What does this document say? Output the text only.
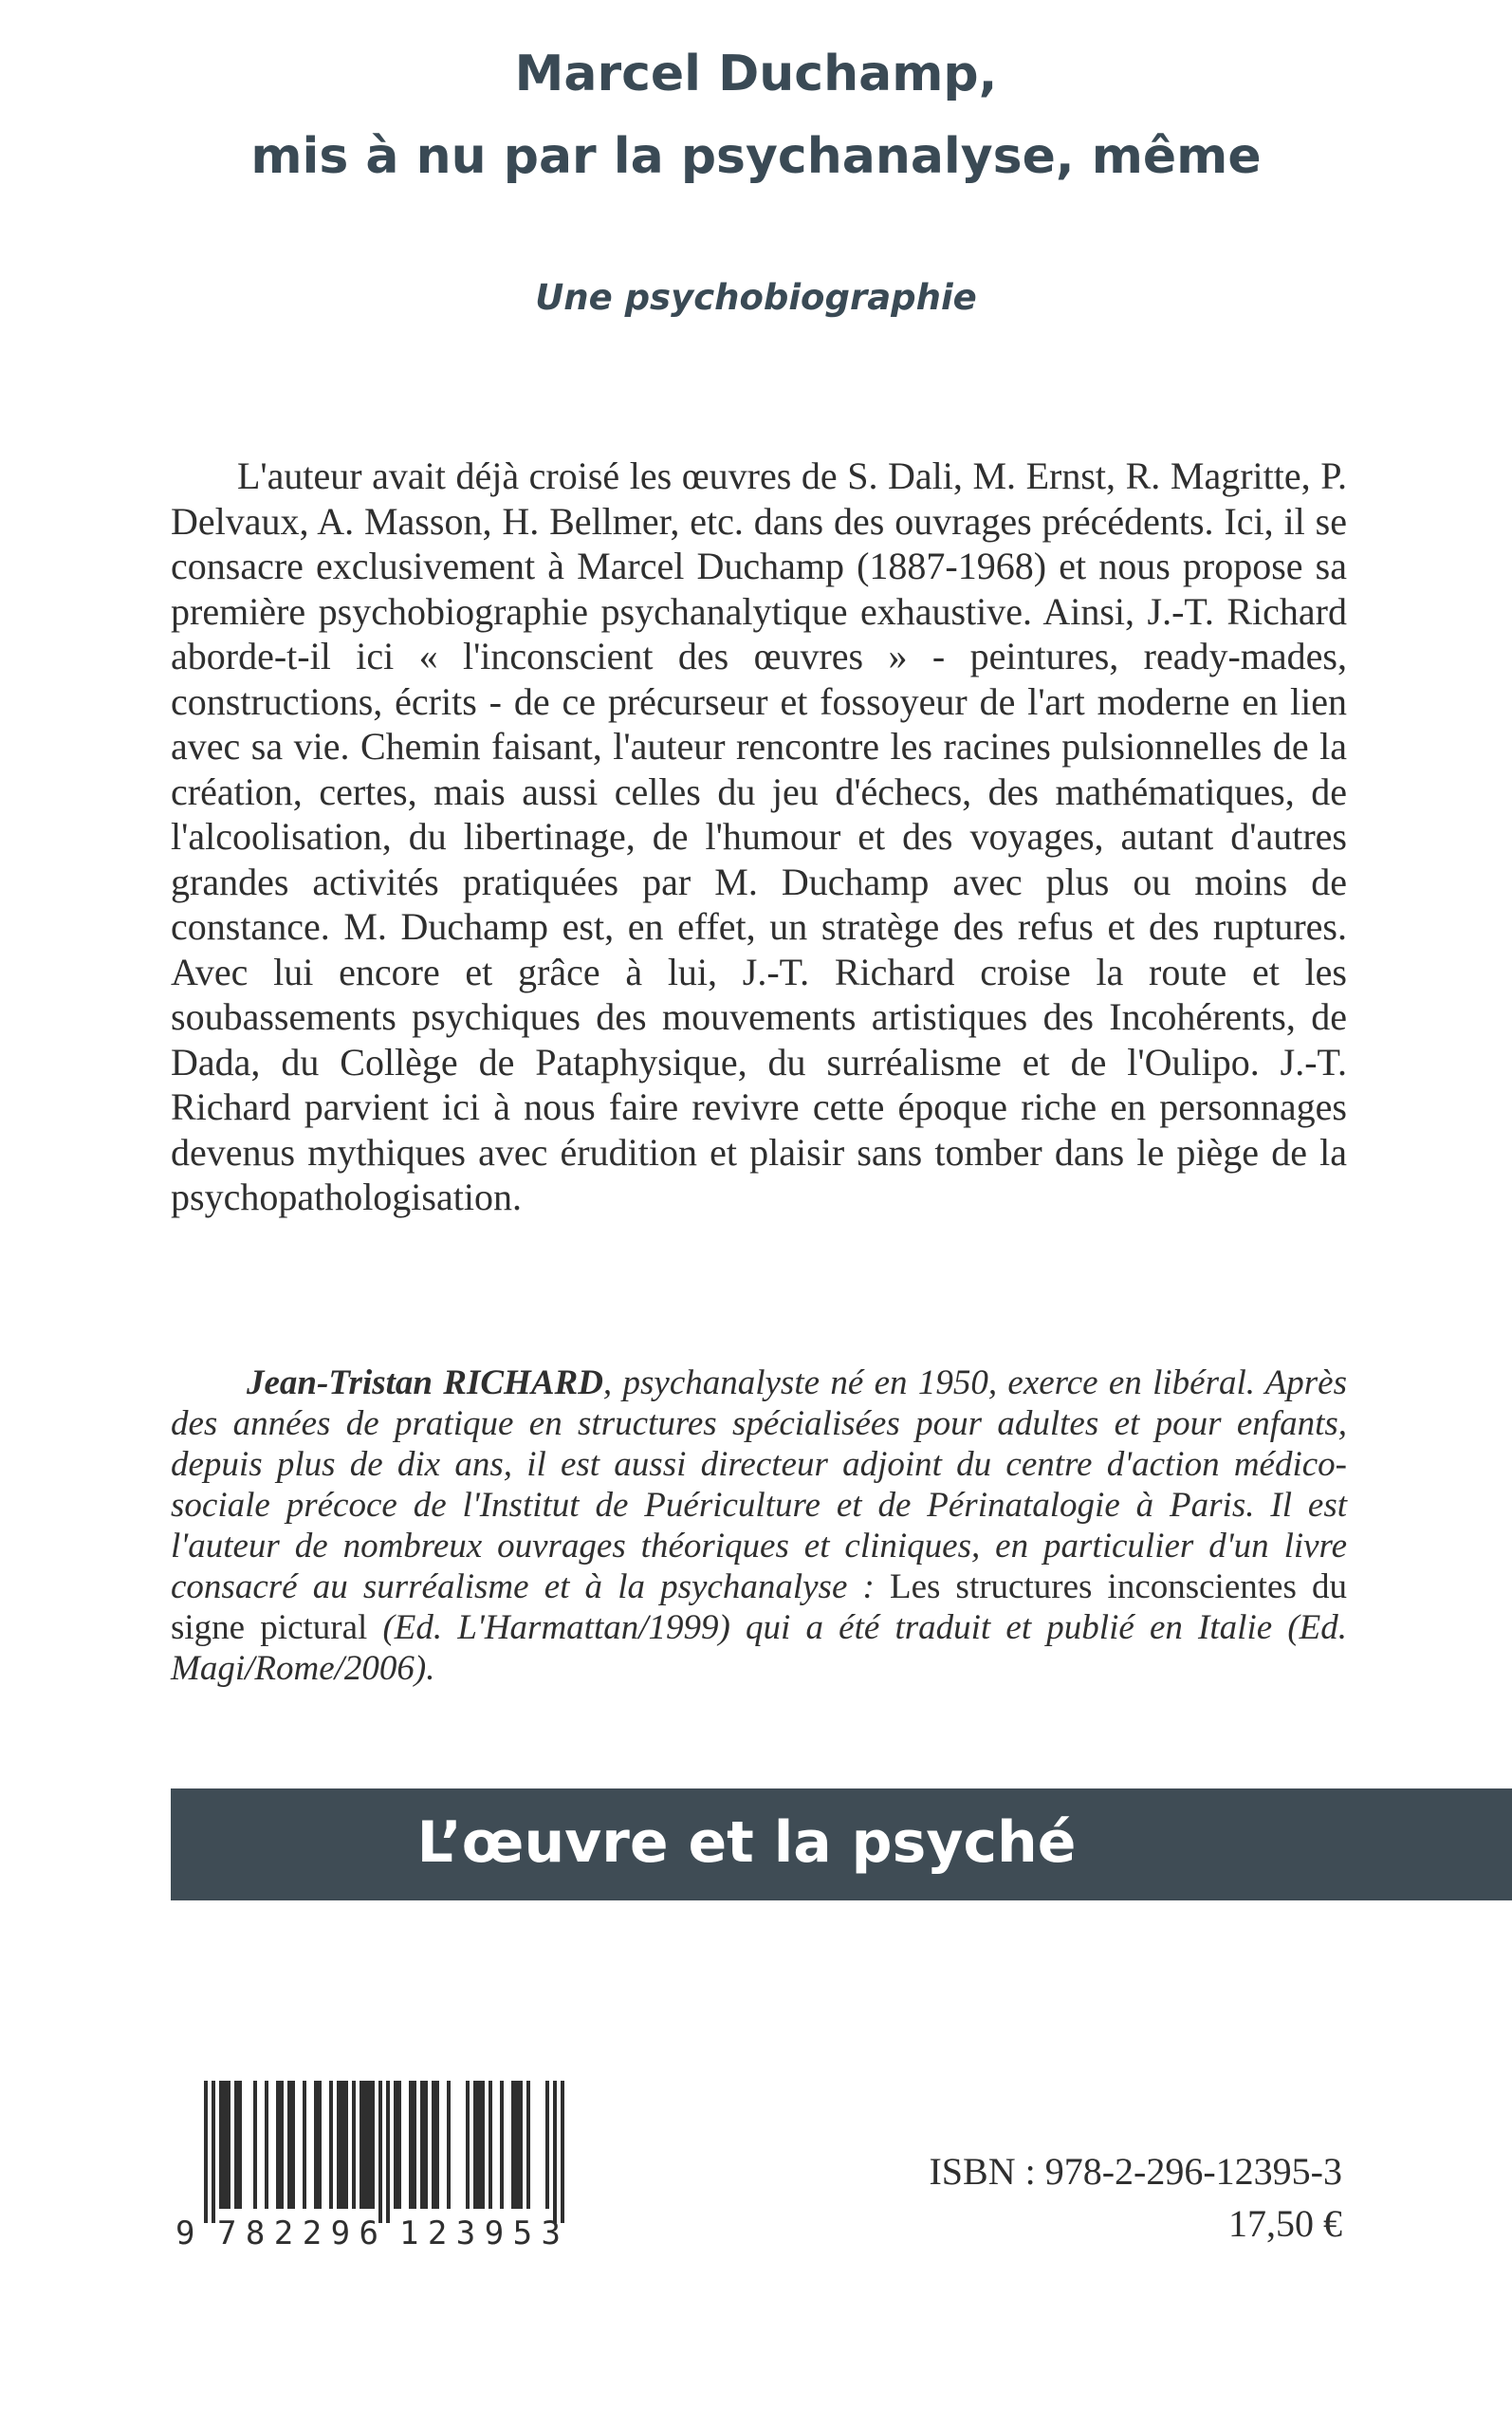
Marcel Duchamp,
mis à nu par la psychanalyse, même
Une psychobiographie

L'auteur avait déjà croisé les œuvres de S. Dali, M. Ernst, R. Magritte, P. Delvaux, A. Masson, H. Bellmer, etc. dans des ouvrages précédents. Ici, il se consacre exclusivement à Marcel Duchamp (1887-1968) et nous propose sa première psychobiographie psychanalytique exhaustive. Ainsi, J.-T. Richard aborde-t-il ici « l'inconscient des œuvres » - peintures, ready-mades, constructions, écrits - de ce précurseur et fossoyeur de l'art moderne en lien avec sa vie. Chemin faisant, l'auteur rencontre les racines pulsionnelles de la création, certes, mais aussi celles du jeu d'échecs, des mathématiques, de l'alcoolisation, du libertinage, de l'humour et des voyages, autant d'autres grandes activités pratiquées par M. Duchamp avec plus ou moins de constance. M. Duchamp est, en effet, un stratège des refus et des ruptures. Avec lui encore et grâce à lui, J.-T. Richard croise la route et les soubassements psychiques des mouvements artistiques des Incohérents, de Dada, du Collège de Pataphysique, du surréalisme et de l'Oulipo. J.-T. Richard parvient ici à nous faire revivre cette époque riche en personnages devenus mythiques avec érudition et plaisir sans tomber dans le piège de la psychopathologisation.

Jean-Tristan RICHARD, psychanalyste né en 1950, exerce en libéral. Après des années de pratique en structures spécialisées pour adultes et pour enfants, depuis plus de dix ans, il est aussi directeur adjoint du centre d'action médico-sociale précoce de l'Institut de Puériculture et de Périnatalogie à Paris. Il est l'auteur de nombreux ouvrages théoriques et cliniques, en particulier d'un livre consacré au surréalisme et à la psychanalyse : Les structures inconscientes du signe pictural (Ed. L'Harmattan/1999) qui a été traduit et publié en Italie (Ed. Magi/Rome/2006).

L’œuvre et la psyché
9 782296 123953

ISBN : 978-2-296-12395-3

17,50 €
